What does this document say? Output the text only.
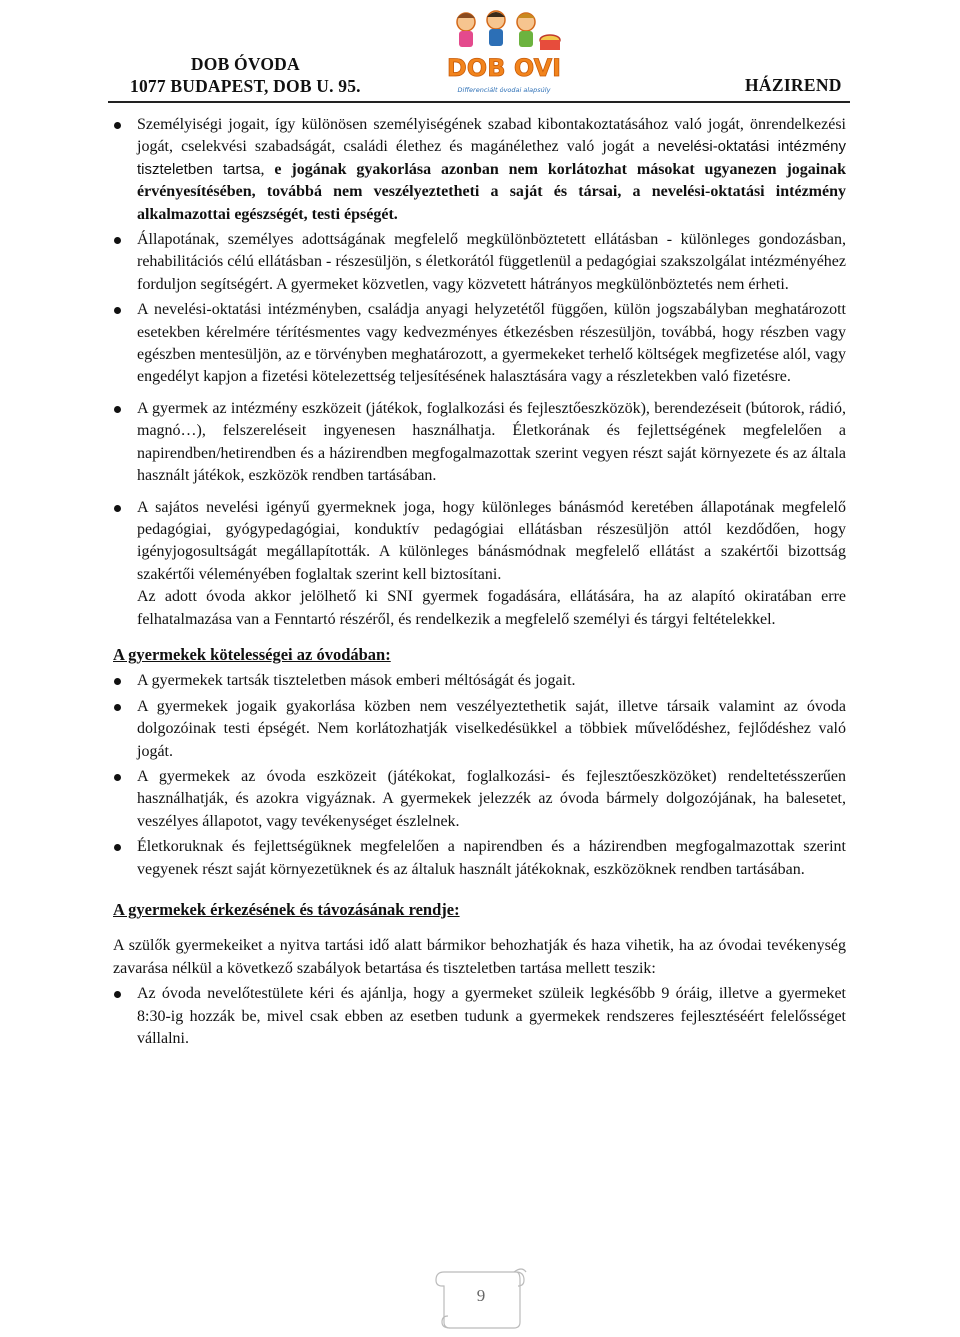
DOB ÓVODA
1077 BUDAPEST, DOB U. 95.
DOB OVI
Differenciált óvodai alapsúly	HÁZIREND
Személyiségi jogait, így különösen személyiségének szabad kibontakoztatásához való jogát, önrendelkezési jogát, cselekvési szabadságát, családi élethez és magánélethez való jogát a nevelési-oktatási intézmény tiszteletben tartsa, e jogának gyakorlása azonban nem korlátozhat másokat ugyanezen jogainak érvényesítésében, továbbá nem veszélyeztetheti a saját és társai, a nevelési-oktatási intézmény alkalmazottai egészségét, testi épségét.
Állapotának, személyes adottságának megfelelő megkülönböztetett ellátásban - különleges gondozásban, rehabilitációs célú ellátásban - részesüljön, s életkorától függetlenül a pedagógiai szakszolgálat intézményéhez forduljon segítségért. A gyermeket közvetlen, vagy közvetett hátrányos megkülönböztetés nem érheti.
A nevelési-oktatási intézményben, családja anyagi helyzetétől függően, külön jogszabályban meghatározott esetekben kérelmére térítésmentes vagy kedvezményes étkezésben részesüljön, továbbá, hogy részben vagy egészben mentesüljön, az e törvényben meghatározott, a gyermekeket terhelő költségek megfizetése alól, vagy engedélyt kapjon a fizetési kötelezettség teljesítésének halasztására vagy a részletekben való fizetésre.
A gyermek az intézmény eszközeit (játékok, foglalkozási és fejlesztőeszközök), berendezéseit (bútorok, rádió, magnó…), felszereléseit ingyenesen használhatja. Életkorának és fejlettségének megfelelően a napirendben/hetirendben és a házirendben megfogalmazottak szerint vegyen részt saját környezete és az általa használt játékok, eszközök rendben tartásában.
A sajátos nevelési igényű gyermeknek joga, hogy különleges bánásmód keretében állapotának megfelelő pedagógiai, gyógypedagógiai, konduktív pedagógiai ellátásban részesüljön attól kezdődően, hogy igényjogosultságát megállapították. A különleges bánásmódnak megfelelő ellátást a szakértői bizottság szakértői véleményében foglaltak szerint kell biztosítani.
Az adott óvoda akkor jelölhető ki SNI gyermek fogadására, ellátására, ha az alapító okiratában erre felhatalmazása van a Fenntartó részéről, és rendelkezik a megfelelő személyi és tárgyi feltételekkel.

A gyermekek kötelességei az óvodában:

A gyermekek tartsák tiszteletben mások emberi méltóságát és jogait.
A gyermekek jogaik gyakorlása közben nem veszélyeztethetik saját, illetve társaik valamint az óvoda dolgozóinak testi épségét. Nem korlátozhatják viselkedésükkel a többiek művelődéshez, fejlődéshez való jogát.
A gyermekek az óvoda eszközeit (játékokat, foglalkozási- és fejlesztőeszközöket) rendeltetésszerűen használhatják, és azokra vigyáznak. A gyermekek jelezzék az óvoda bármely dolgozójának, ha balesetet, veszélyes állapotot, vagy tevékenységet észlelnek.
Életkoruknak és fejlettségüknek megfelelően a napirendben és a házirendben megfogalmazottak szerint vegyenek részt saját környezetüknek és az általuk használt játékoknak, eszközöknek rendben tartásában.

A gyermekek érkezésének és távozásának rendje:

A szülők gyermekeiket a nyitva tartási idő alatt bármikor behozhatják és haza vihetik, ha az óvodai tevékenység zavarása nélkül a következő szabályok betartása és tiszteletben tartása mellett teszik:

Az óvoda nevelőtestülete kéri és ajánlja, hogy a gyermeket szüleik legkésőbb 9 óráig, illetve a gyermeket 8:30-ig hozzák be, mivel csak ebben az esetben tudunk a gyermekek rendszeres fejlesztéséért felelősséget vállalni.
9
